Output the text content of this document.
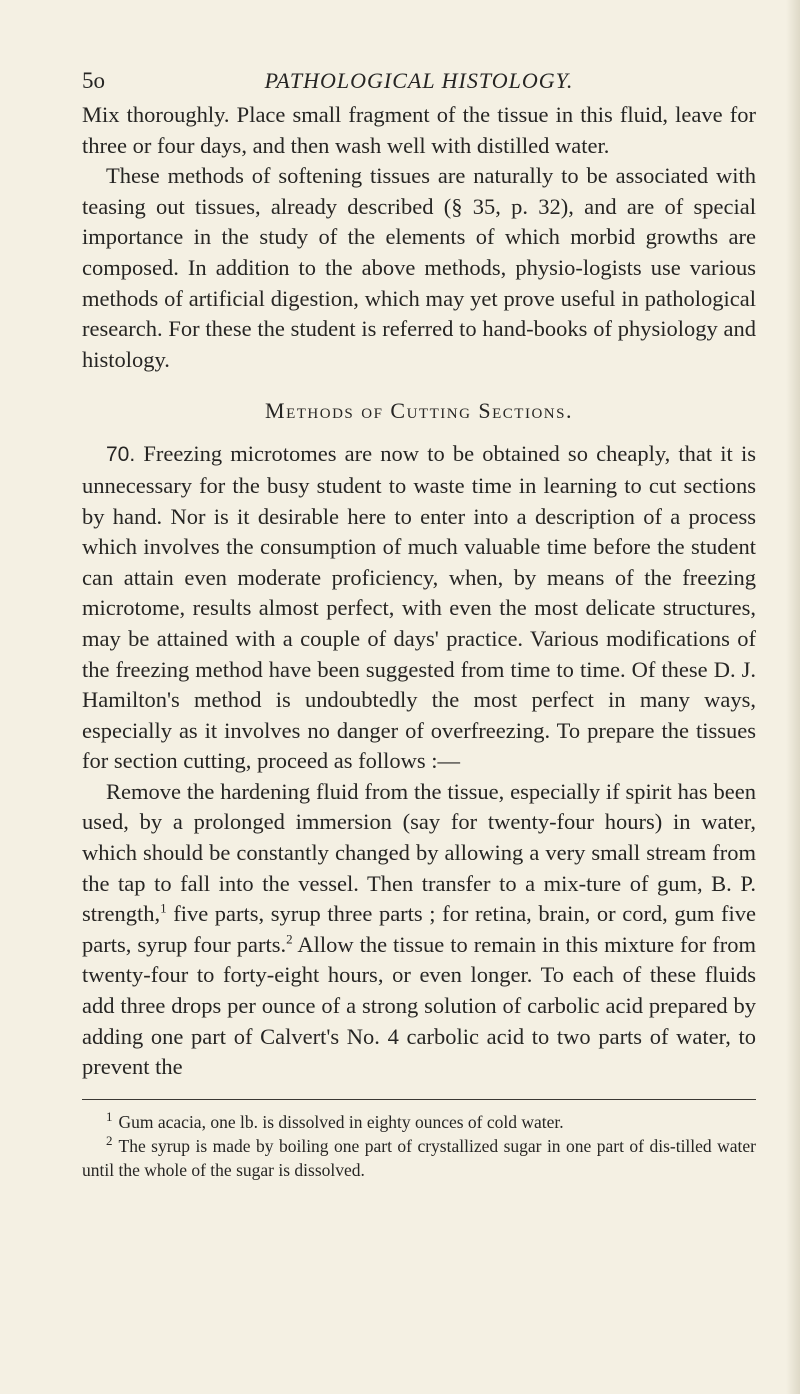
5o	PATHOLOGICAL HISTOLOGY.

Mix thoroughly. Place small fragment of the tissue in this fluid, leave for three or four days, and then wash well with distilled water.

These methods of softening tissues are naturally to be associated with teasing out tissues, already described (§ 35, p. 32), and are of special importance in the study of the elements of which morbid growths are composed. In addition to the above methods, physio-logists use various methods of artificial digestion, which may yet prove useful in pathological research. For these the student is referred to hand-books of physiology and histology.

Methods of Cutting Sections.

70. Freezing microtomes are now to be obtained so cheaply, that it is unnecessary for the busy student to waste time in learning to cut sections by hand. Nor is it desirable here to enter into a description of a process which involves the consumption of much valuable time before the student can attain even moderate proficiency, when, by means of the freezing microtome, results almost perfect, with even the most delicate structures, may be attained with a couple of days' practice. Various modifications of the freezing method have been suggested from time to time. Of these D. J. Hamilton's method is undoubtedly the most perfect in many ways, especially as it involves no danger of overfreezing. To prepare the tissues for section cutting, proceed as follows :—

Remove the hardening fluid from the tissue, especially if spirit has been used, by a prolonged immersion (say for twenty-four hours) in water, which should be constantly changed by allowing a very small stream from the tap to fall into the vessel. Then transfer to a mix-ture of gum, B. P. strength,$^1$ five parts, syrup three parts ; for retina, brain, or cord, gum five parts, syrup four parts.$^2$ Allow the tissue to remain in this mixture for from twenty-four to forty-eight hours, or even longer. To each of these fluids add three drops per ounce of a strong solution of carbolic acid prepared by adding one part of Calvert's No. 4 carbolic acid to two parts of water, to prevent the

$^1$ Gum acacia, one lb. is dissolved in eighty ounces of cold water.

$^2$ The syrup is made by boiling one part of crystallized sugar in one part of dis-tilled water until the whole of the sugar is dissolved.
